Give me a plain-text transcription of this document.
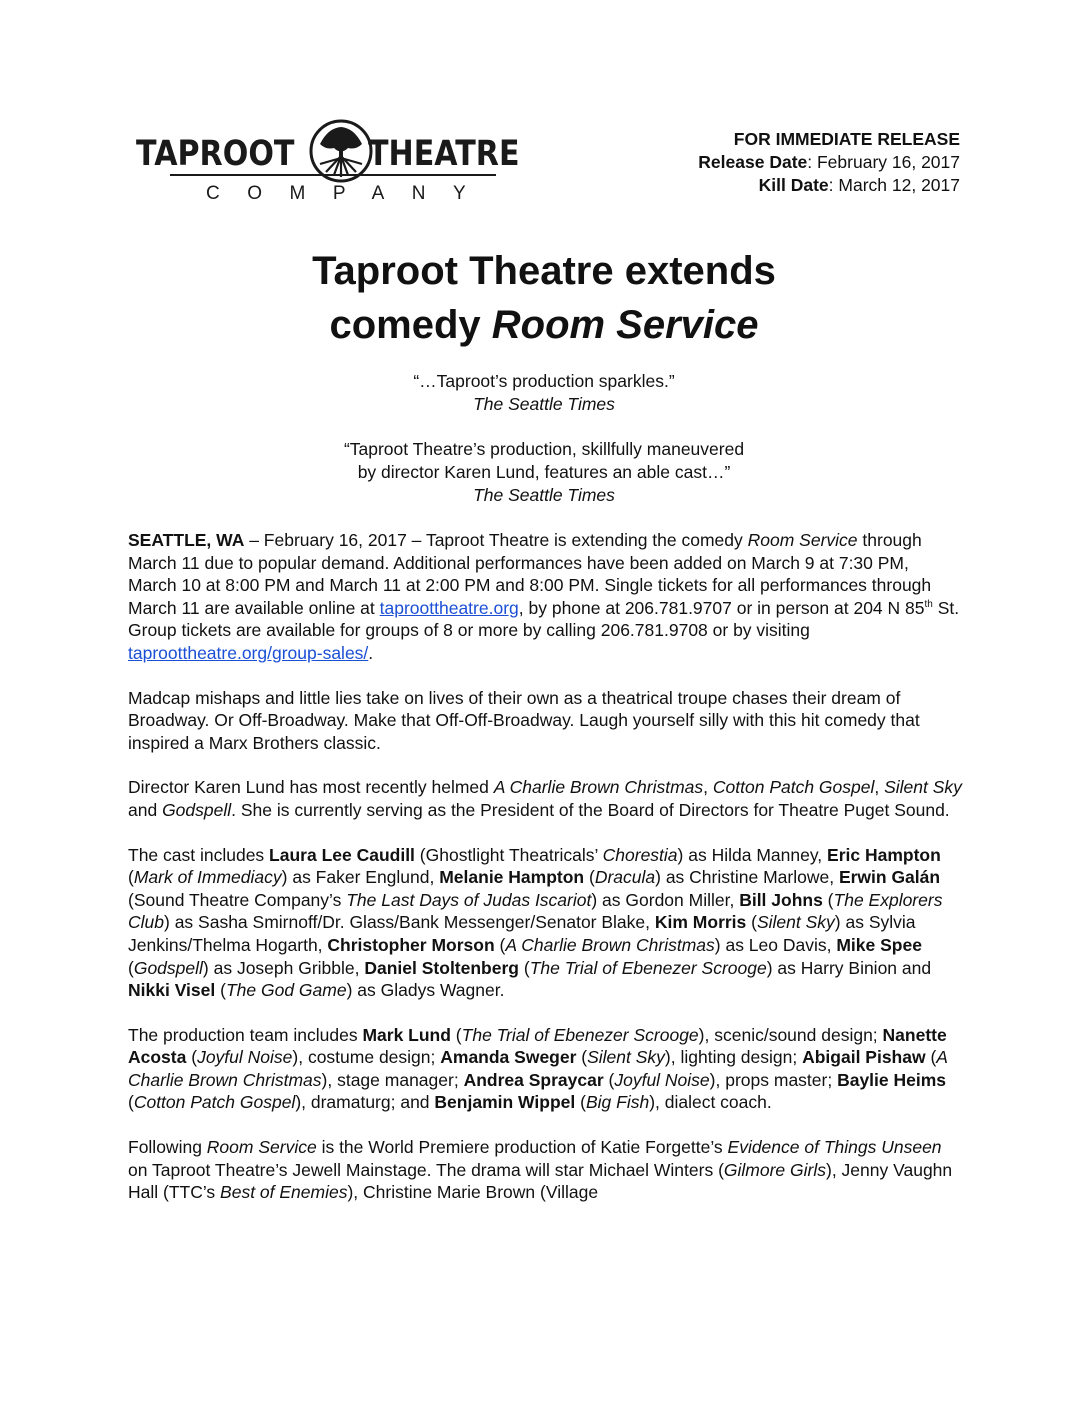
TAPROOT THEATRE
COMPANY
FOR IMMEDIATE RELEASE
Release Date: February 16, 2017
Kill Date: March 12, 2017
Taproot Theatre extends
comedy Room Service
“…Taproot’s production sparkles.”
The Seattle Times
“Taproot Theatre’s production, skillfully maneuvered
by director Karen Lund, features an able cast…”
The Seattle Times

SEATTLE, WA – February 16, 2017 – Taproot Theatre is extending the comedy Room Service through March 11 due to popular demand. Additional performances have been added on March 9 at 7:30 PM, March 10 at 8:00 PM and March 11 at 2:00 PM and 8:00 PM. Single tickets for all performances through March 11 are available online at taproottheatre.org, by phone at 206.781.9707 or in person at 204 N 85th St. Group tickets are available for groups of 8 or more by calling 206.781.9708 or by visiting taproottheatre.org/group-sales/.

Madcap mishaps and little lies take on lives of their own as a theatrical troupe chases their dream of Broadway. Or Off-Broadway. Make that Off-Off-Broadway. Laugh yourself silly with this hit comedy that inspired a Marx Brothers classic.

Director Karen Lund has most recently helmed A Charlie Brown Christmas, Cotton Patch Gospel, Silent Sky and Godspell. She is currently serving as the President of the Board of Directors for Theatre Puget Sound.

The cast includes Laura Lee Caudill (Ghostlight Theatricals’ Chorestia) as Hilda Manney, Eric Hampton (Mark of Immediacy) as Faker Englund, Melanie Hampton (Dracula) as Christine Marlowe, Erwin Galán (Sound Theatre Company’s The Last Days of Judas Iscariot) as Gordon Miller, Bill Johns (The Explorers Club) as Sasha Smirnoff/Dr. Glass/Bank Messenger/Senator Blake, Kim Morris (Silent Sky) as Sylvia Jenkins/Thelma Hogarth, Christopher Morson (A Charlie Brown Christmas) as Leo Davis, Mike Spee (Godspell) as Joseph Gribble, Daniel Stoltenberg (The Trial of Ebenezer Scrooge) as Harry Binion and Nikki Visel (The God Game) as Gladys Wagner.

The production team includes Mark Lund (The Trial of Ebenezer Scrooge), scenic/sound design; Nanette Acosta (Joyful Noise), costume design; Amanda Sweger (Silent Sky), lighting design; Abigail Pishaw (A Charlie Brown Christmas), stage manager; Andrea Spraycar (Joyful Noise), props master; Baylie Heims (Cotton Patch Gospel), dramaturg; and Benjamin Wippel (Big Fish), dialect coach.

Following Room Service is the World Premiere production of Katie Forgette’s Evidence of Things Unseen on Taproot Theatre’s Jewell Mainstage. The drama will star Michael Winters (Gilmore Girls), Jenny Vaughn Hall (TTC’s Best of Enemies), Christine Marie Brown (Village
